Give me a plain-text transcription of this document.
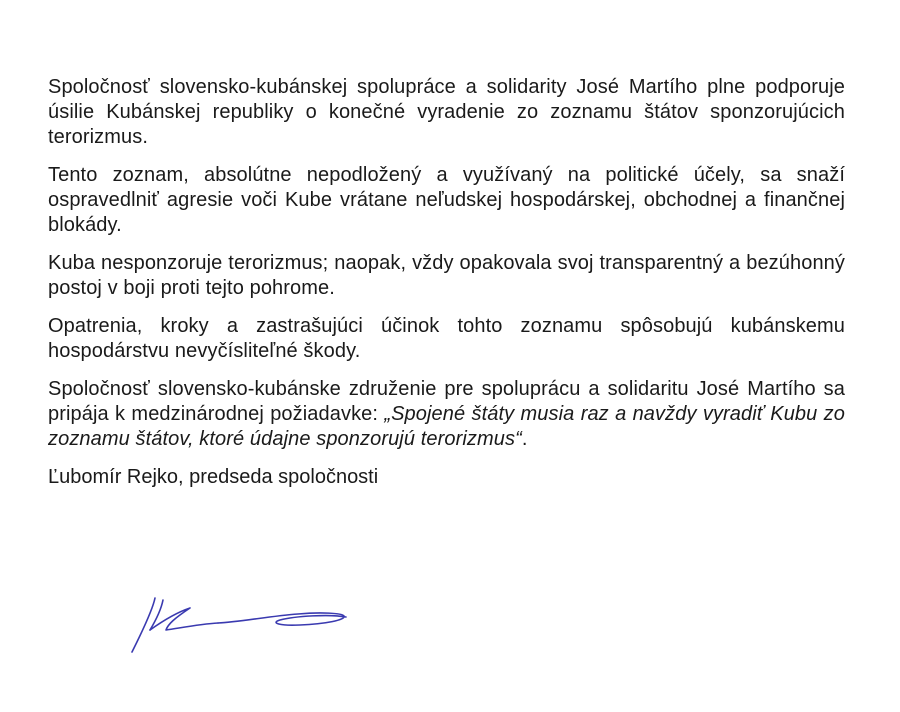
Spoločnosť slovensko-kubánskej spolupráce a solidarity José Martího plne podporuje úsilie Kubánskej republiky o konečné vyradenie zo zoznamu štátov sponzorujúcich terorizmus.

Tento zoznam, absolútne nepodložený a využívaný na politické účely, sa snaží ospravedlniť agresie voči Kube vrátane neľudskej hospodárskej, obchodnej a finančnej blokády.

Kuba nesponzoruje terorizmus; naopak, vždy opakovala svoj transparentný a bezúhonný postoj v boji proti tejto pohrome.

Opatrenia, kroky a zastrašujúci účinok tohto zoznamu spôsobujú kubánskemu hospodárstvu nevyčísliteľné škody.

Spoločnosť slovensko-kubánske združenie pre spoluprácu a solidaritu José Martího sa pripája k medzinárodnej požiadavke: „Spojené štáty musia raz a navždy vyradiť Kubu zo zoznamu štátov, ktoré údajne sponzorujú terorizmus“.

Ľubomír Rejko, predseda spoločnosti
